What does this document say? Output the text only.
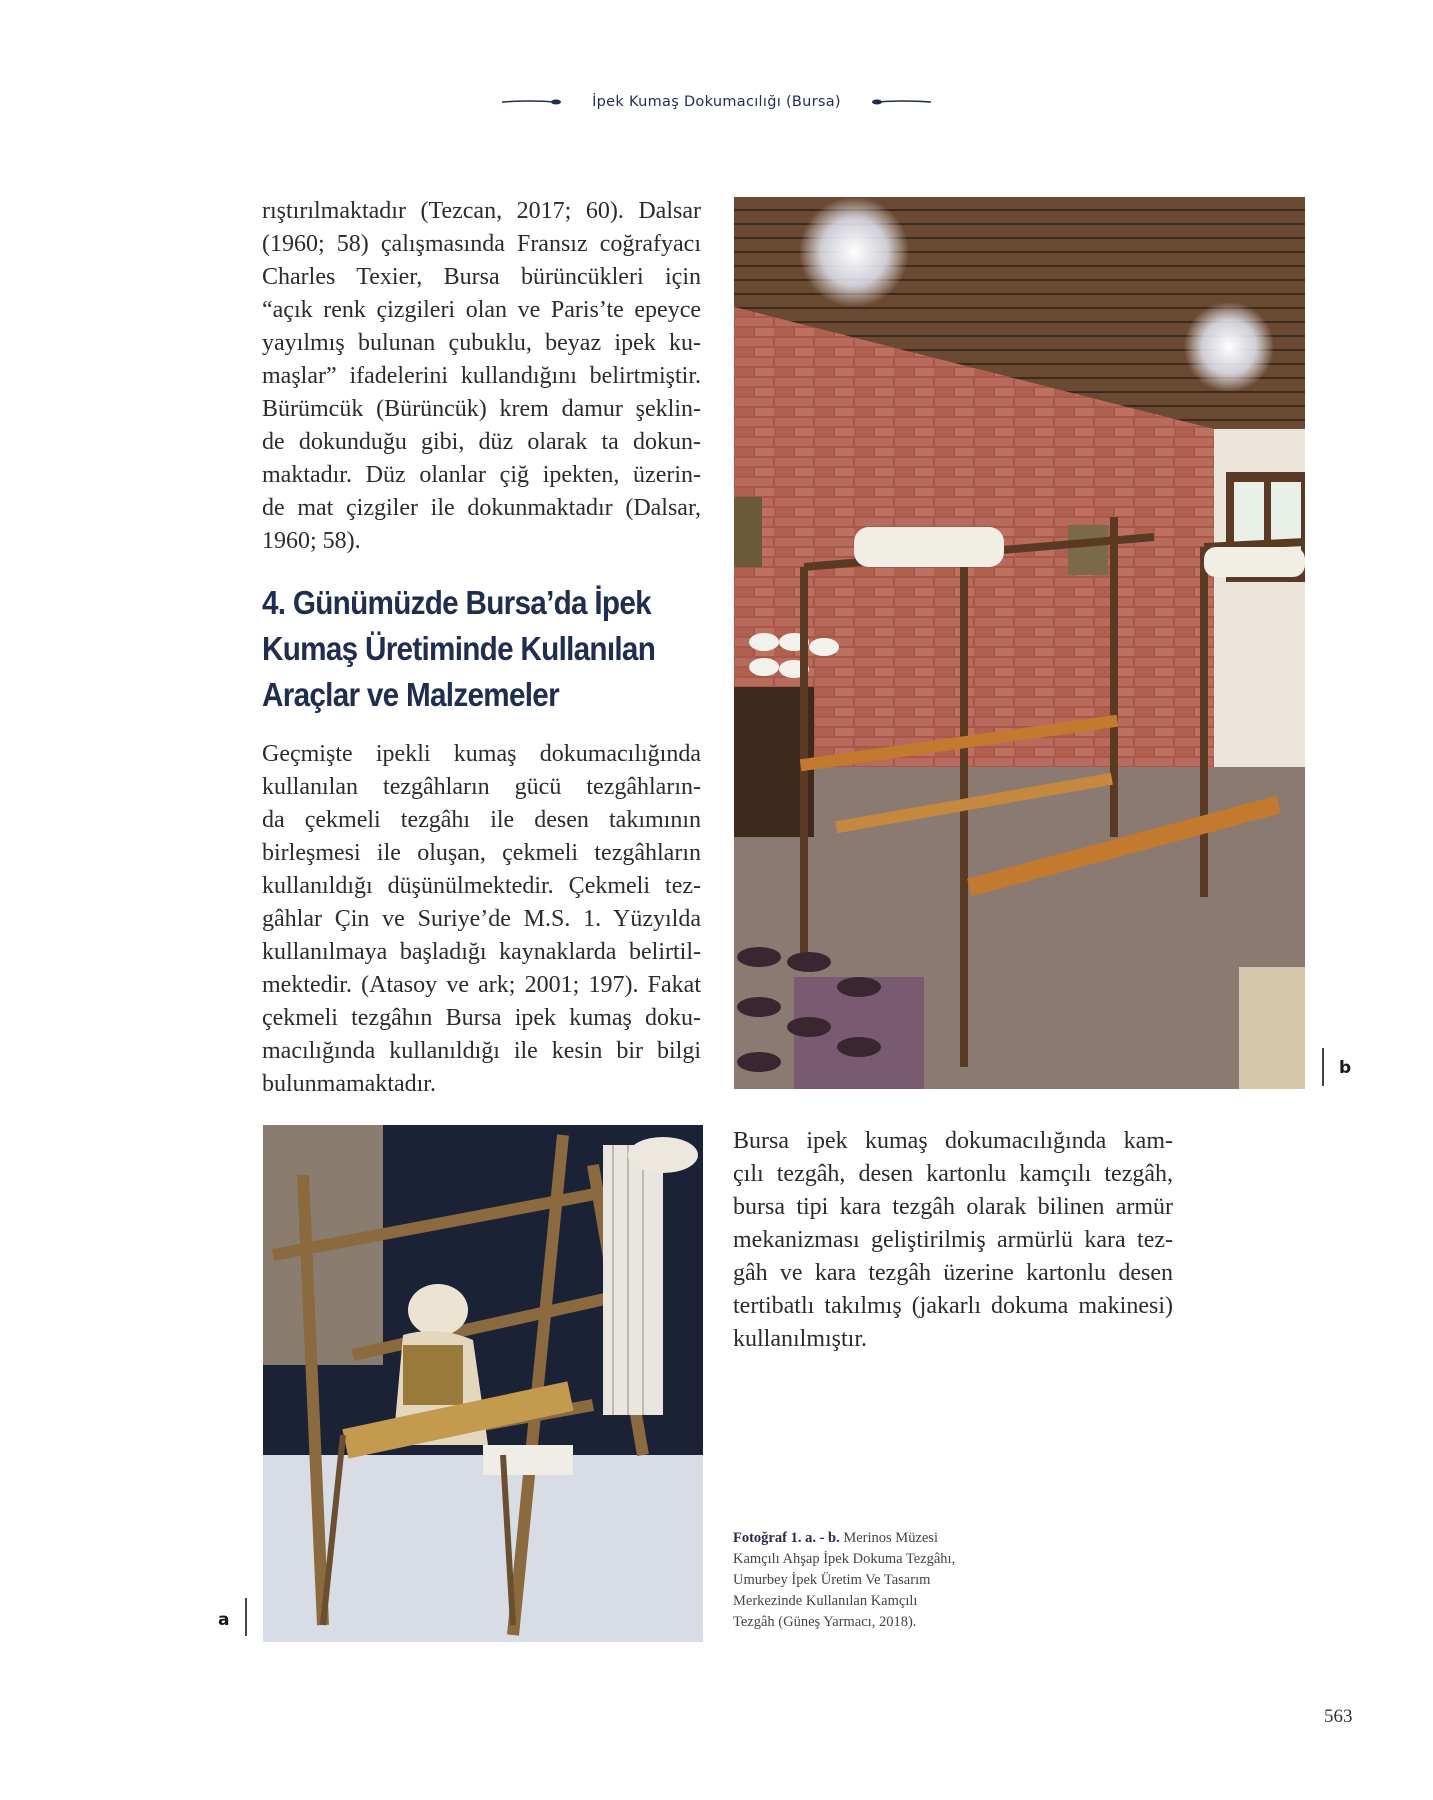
İpek Kumaş Dokumacılığı (Bursa)
rıştırılmaktadır (Tezcan, 2017; 60). Dalsar
(1960; 58) çalışmasında Fransız coğrafyacı
Charles Texier, Bursa bürüncükleri için
“açık renk çizgileri olan ve Paris’te epeyce
yayılmış bulunan çubuklu, beyaz ipek ku-
maşlar” ifadelerini kullandığını belirtmiştir.
Bürümcük (Bürüncük) krem damur şeklin-
de dokunduğu gibi, düz olarak ta dokun-
maktadır. Düz olanlar çiğ ipekten, üzerin-
de mat çizgiler ile dokunmaktadır (Dalsar,
1960; 58).
4. Günümüzde Bursa’da İpek
Kumaş Üretiminde Kullanılan
Araçlar ve Malzemeler
Geçmişte ipekli kumaş dokumacılığında
kullanılan tezgâhların gücü tezgâhların-
da çekmeli tezgâhı ile desen takımının
birleşmesi ile oluşan, çekmeli tezgâhların
kullanıldığı düşünülmektedir. Çekmeli tez-
gâhlar Çin ve Suriye’de M.S. 1. Yüzyılda
kullanılmaya başladığı kaynaklarda belirtil-
mektedir. (Atasoy ve ark; 2001; 197). Fakat
çekmeli tezgâhın Bursa ipek kumaş doku-
macılığında kullanıldığı ile kesin bir bilgi
bulunmamaktadır.
b
a
Bursa ipek kumaş dokumacılığında kam-
çılı tezgâh, desen kartonlu kamçılı tezgâh,
bursa tipi kara tezgâh olarak bilinen armür
mekanizması geliştirilmiş armürlü kara tez-
gâh ve kara tezgâh üzerine kartonlu desen
tertibatlı takılmış (jakarlı dokuma makinesi)
kullanılmıştır.
Fotoğraf 1. a. - b. Merinos Müzesi
Kamçılı Ahşap İpek Dokuma Tezgâhı,
Umurbey İpek Üretim Ve Tasarım
Merkezinde Kullanılan Kamçılı
Tezgâh (Güneş Yarmacı, 2018).
563
